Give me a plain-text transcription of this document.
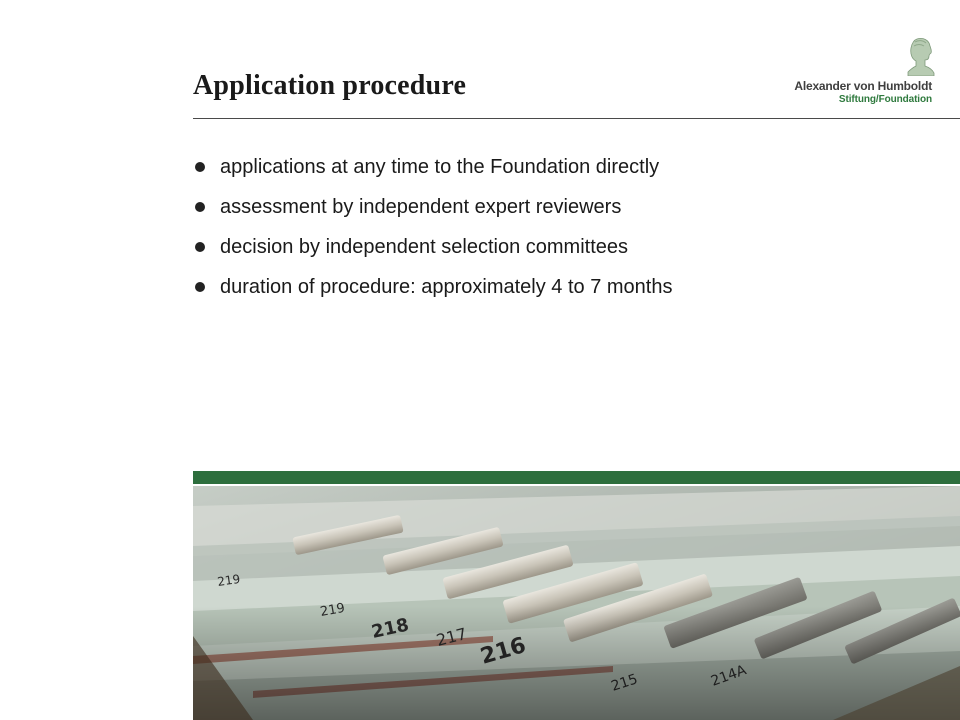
Application procedure	Alexander von Humboldt
Stiftung/Foundation
applications at any time to the Foundation directly
assessment by independent expert reviewers
decision by independent selection committees
duration of procedure: approximately 4 to 7 months
219
